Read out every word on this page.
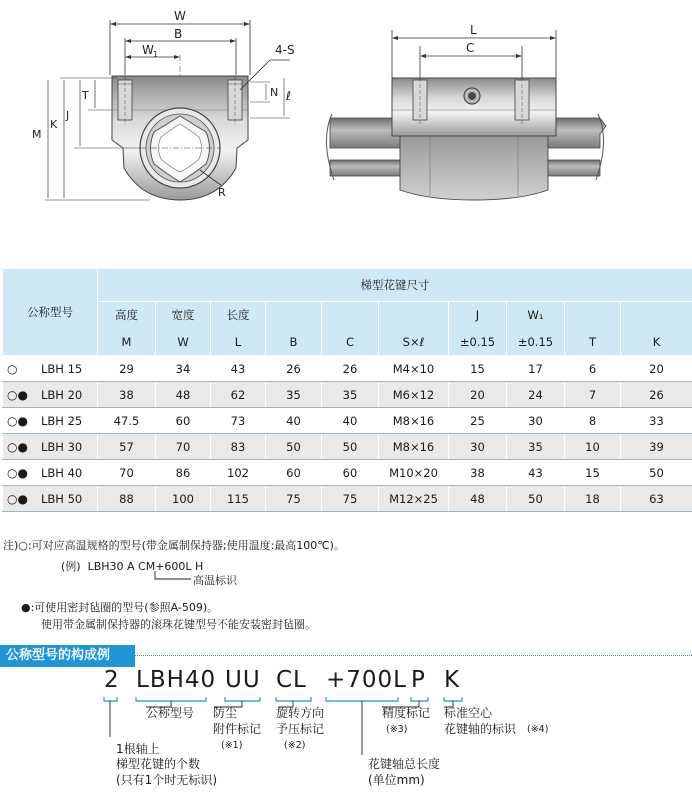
W
B
W 1	4-S
N ℓ
T
J
K
M
R
L
C
公称型号	梯型花键尺寸									
	高度	宽度	长度				J	W₁		
	M	W	L	B	C	S×ℓ	±0.15	±0.15	T	K
○ LBH 15	29	34	43	26	26	M4×10	15	17	6	20
○● LBH 20	38	48	62	35	35	M6×12	20	24	7	26
○● LBH 25	47.5	60	73	40	40	M8×16	25	30	8	33
○● LBH 30	57	70	83	50	50	M8×16	30	35	10	39
○● LBH 40	70	86	102	60	60	M10×20	38	43	15	50
○● LBH 50	88	100	115	75	75	M12×25	48	50	18	63
注)○:可对应高温规格的型号(带金属制保持器;使用温度:最高100℃)。
(例)  LBH30 A CM+600L H
高温标识
●:可使用密封毡圈的型号(参照A-509)。
使用带金属制保持器的滚珠花键型号不能安装密封毡圈。
公称型号的构成例
2 LBH40 UU CL +700L P K
公称型号 防尘
附件标记
(※1)
旋转方向
予压标记
(※2)
精度标记
(※3)
标准空心
花键轴的标识 (※4)
1根轴上
梯型花键的个数
(只有1个时无标识)
花键轴总长度
(单位mm)
